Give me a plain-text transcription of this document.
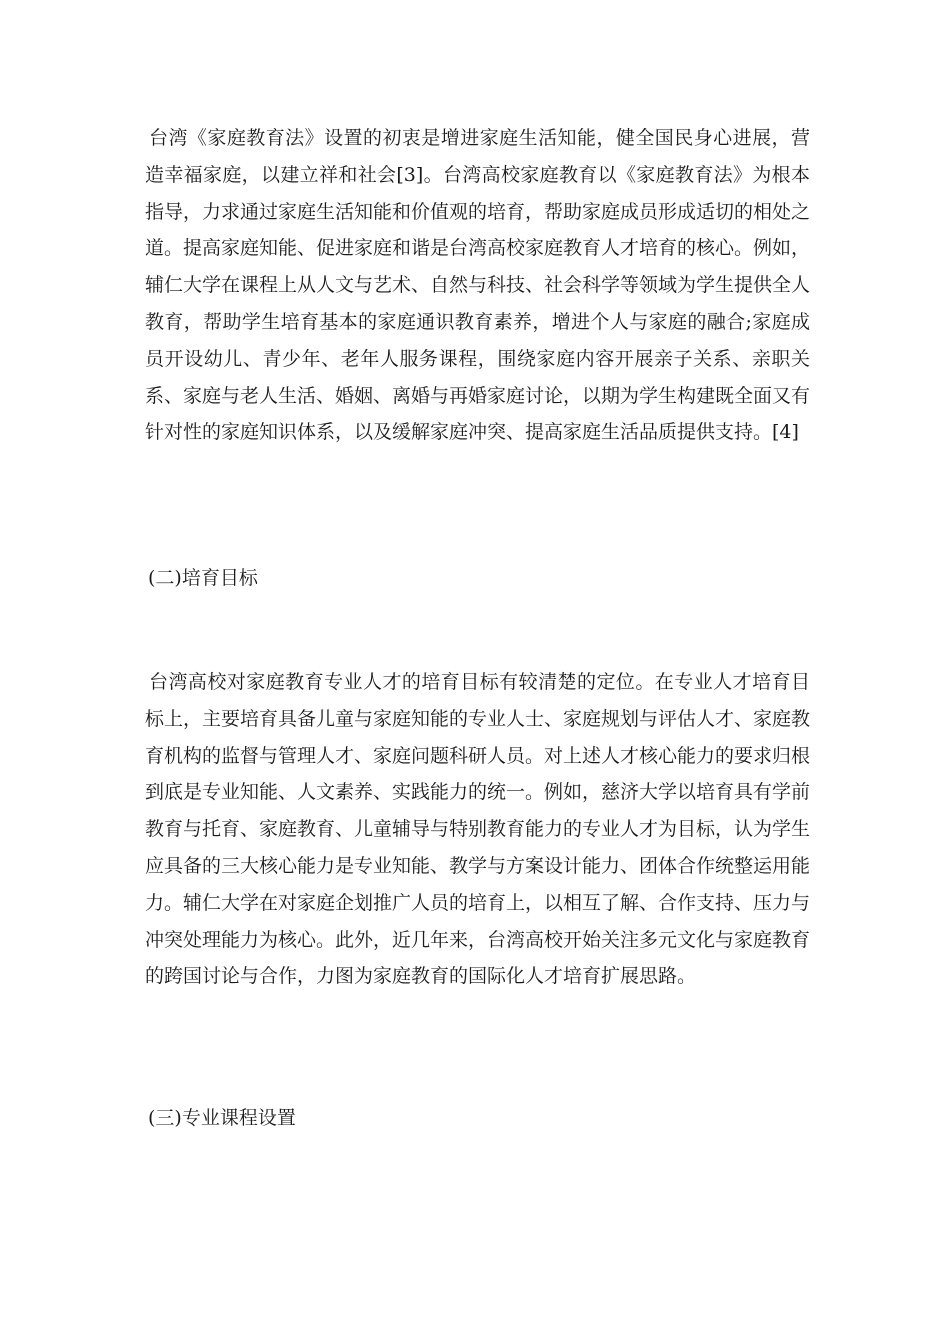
台湾《家庭教育法》设置的初衷是增进家庭生活知能，健全国民身心进展，营造幸福家庭，以建立祥和社会[3]。台湾高校家庭教育以《家庭教育法》为根本指导，力求通过家庭生活知能和价值观的培育，帮助家庭成员形成适切的相处之道。提高家庭知能、促进家庭和谐是台湾高校家庭教育人才培育的核心。例如，辅仁大学在课程上从人文与艺术、自然与科技、社会科学等领域为学生提供全人教育，帮助学生培育基本的家庭通识教育素养，增进个人与家庭的融合;家庭成员开设幼儿、青少年、老年人服务课程，围绕家庭内容开展亲子关系、亲职关系、家庭与老人生活、婚姻、离婚与再婚家庭讨论，以期为学生构建既全面又有针对性的家庭知识体系，以及缓解家庭冲突、提高家庭生活品质提供支持。[4]

(二)培育目标

台湾高校对家庭教育专业人才的培育目标有较清楚的定位。在专业人才培育目标上，主要培育具备儿童与家庭知能的专业人士、家庭规划与评估人才、家庭教育机构的监督与管理人才、家庭问题科研人员。对上述人才核心能力的要求归根到底是专业知能、人文素养、实践能力的统一。例如，慈济大学以培育具有学前教育与托育、家庭教育、儿童辅导与特别教育能力的专业人才为目标，认为学生应具备的三大核心能力是专业知能、教学与方案设计能力、团体合作统整运用能力。辅仁大学在对家庭企划推广人员的培育上，以相互了解、合作支持、压力与冲突处理能力为核心。此外，近几年来，台湾高校开始关注多元文化与家庭教育的跨国讨论与合作，力图为家庭教育的国际化人才培育扩展思路。

(三)专业课程设置
